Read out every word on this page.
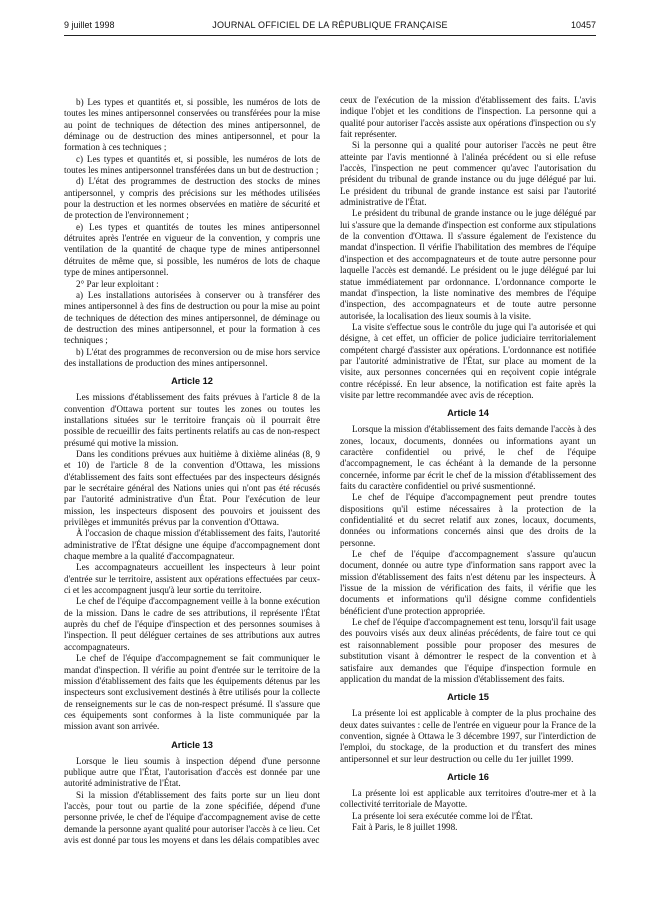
9 juillet 1998	JOURNAL OFFICIEL DE LA RÉPUBLIQUE FRANÇAISE	10457

b) Les types et quantités et, si possible, les numéros de lots de toutes les mines antipersonnel conservées ou transférées pour la mise au point de techniques de détection des mines antipersonnel, de déminage ou de destruction des mines antipersonnel, et pour la formation à ces techniques ;

c) Les types et quantités et, si possible, les numéros de lots de toutes les mines antipersonnel transférées dans un but de destruction ;

d) L'état des programmes de destruction des stocks de mines antipersonnel, y compris des précisions sur les méthodes utilisées pour la destruction et les normes observées en matière de sécurité et de protection de l'environnement ;

e) Les types et quantités de toutes les mines antipersonnel détruites après l'entrée en vigueur de la convention, y compris une ventilation de la quantité de chaque type de mines antipersonnel détruites de même que, si possible, les numéros de lots de chaque type de mines antipersonnel.

2° Par leur exploitant :

a) Les installations autorisées à conserver ou à transférer des mines antipersonnel à des fins de destruction ou pour la mise au point de techniques de détection des mines antipersonnel, de déminage ou de destruction des mines antipersonnel, et pour la formation à ces techniques ;

b) L'état des programmes de reconversion ou de mise hors service des installations de production des mines antipersonnel.

Article 12

Les missions d'établissement des faits prévues à l'article 8 de la convention d'Ottawa portent sur toutes les zones ou toutes les installations situées sur le territoire français où il pourrait être possible de recueillir des faits pertinents relatifs au cas de non-respect présumé qui motive la mission.

Dans les conditions prévues aux huitième à dixième alinéas (8, 9 et 10) de l'article 8 de la convention d'Ottawa, les missions d'établissement des faits sont effectuées par des inspecteurs désignés par le secrétaire général des Nations unies qui n'ont pas été récusés par l'autorité administrative d'un État. Pour l'exécution de leur mission, les inspecteurs disposent des pouvoirs et jouissent des privilèges et immunités prévus par la convention d'Ottawa.

À l'occasion de chaque mission d'établissement des faits, l'autorité administrative de l'État désigne une équipe d'accompagnement dont chaque membre a la qualité d'accompagnateur.

Les accompagnateurs accueillent les inspecteurs à leur point d'entrée sur le territoire, assistent aux opérations effectuées par ceux-ci et les accompagnent jusqu'à leur sortie du territoire.

Le chef de l'équipe d'accompagnement veille à la bonne exécution de la mission. Dans le cadre de ses attributions, il représente l'État auprès du chef de l'équipe d'inspection et des personnes soumises à l'inspection. Il peut déléguer certaines de ses attributions aux autres accompagnateurs.

Le chef de l'équipe d'accompagnement se fait communiquer le mandat d'inspection. Il vérifie au point d'entrée sur le territoire de la mission d'établissement des faits que les équipements détenus par les inspecteurs sont exclusivement destinés à être utilisés pour la collecte de renseignements sur le cas de non-respect présumé. Il s'assure que ces équipements sont conformes à la liste communiquée par la mission avant son arrivée.

Article 13

Lorsque le lieu soumis à inspection dépend d'une personne publique autre que l'État, l'autorisation d'accès est donnée par une autorité administrative de l'État.

Si la mission d'établissement des faits porte sur un lieu dont l'accès, pour tout ou partie de la zone spécifiée, dépend d'une personne privée, le chef de l'équipe d'accompagnement avise de cette demande la personne ayant qualité pour autoriser l'accès à ce lieu. Cet avis est donné par tous les moyens et dans les délais compatibles avec

ceux de l'exécution de la mission d'établissement des faits. L'avis indique l'objet et les conditions de l'inspection. La personne qui a qualité pour autoriser l'accès assiste aux opérations d'inspection ou s'y fait représenter.

Si la personne qui a qualité pour autoriser l'accès ne peut être atteinte par l'avis mentionné à l'alinéa précédent ou si elle refuse l'accès, l'inspection ne peut commencer qu'avec l'autorisation du président du tribunal de grande instance ou du juge délégué par lui. Le président du tribunal de grande instance est saisi par l'autorité administrative de l'État.

Le président du tribunal de grande instance ou le juge délégué par lui s'assure que la demande d'inspection est conforme aux stipulations de la convention d'Ottawa. Il s'assure également de l'existence du mandat d'inspection. Il vérifie l'habilitation des membres de l'équipe d'inspection et des accompagnateurs et de toute autre personne pour laquelle l'accès est demandé. Le président ou le juge délégué par lui statue immédiatement par ordonnance. L'ordonnance comporte le mandat d'inspection, la liste nominative des membres de l'équipe d'inspection, des accompagnateurs et de toute autre personne autorisée, la localisation des lieux soumis à la visite.

La visite s'effectue sous le contrôle du juge qui l'a autorisée et qui désigne, à cet effet, un officier de police judiciaire territorialement compétent chargé d'assister aux opérations. L'ordonnance est notifiée par l'autorité administrative de l'État, sur place au moment de la visite, aux personnes concernées qui en reçoivent copie intégrale contre récépissé. En leur absence, la notification est faite après la visite par lettre recommandée avec avis de réception.

Article 14

Lorsque la mission d'établissement des faits demande l'accès à des zones, locaux, documents, données ou informations ayant un caractère confidentiel ou privé, le chef de l'équipe d'accompagnement, le cas échéant à la demande de la personne concernée, informe par écrit le chef de la mission d'établissement des faits du caractère confidentiel ou privé susmentionné.

Le chef de l'équipe d'accompagnement peut prendre toutes dispositions qu'il estime nécessaires à la protection de la confidentialité et du secret relatif aux zones, locaux, documents, données ou informations concernés ainsi que des droits de la personne.

Le chef de l'équipe d'accompagnement s'assure qu'aucun document, donnée ou autre type d'information sans rapport avec la mission d'établissement des faits n'est détenu par les inspecteurs. À l'issue de la mission de vérification des faits, il vérifie que les documents et informations qu'il désigne comme confidentiels bénéficient d'une protection appropriée.

Le chef de l'équipe d'accompagnement est tenu, lorsqu'il fait usage des pouvoirs visés aux deux alinéas précédents, de faire tout ce qui est raisonnablement possible pour proposer des mesures de substitution visant à démontrer le respect de la convention et à satisfaire aux demandes que l'équipe d'inspection formule en application du mandat de la mission d'établissement des faits.

Article 15

La présente loi est applicable à compter de la plus prochaine des deux dates suivantes : celle de l'entrée en vigueur pour la France de la convention, signée à Ottawa le 3 décembre 1997, sur l'interdiction de l'emploi, du stockage, de la production et du transfert des mines antipersonnel et sur leur destruction ou celle du 1er juillet 1999.

Article 16

La présente loi est applicable aux territoires d'outre-mer et à la collectivité territoriale de Mayotte.

La présente loi sera exécutée comme loi de l'État.

Fait à Paris, le 8 juillet 1998.
